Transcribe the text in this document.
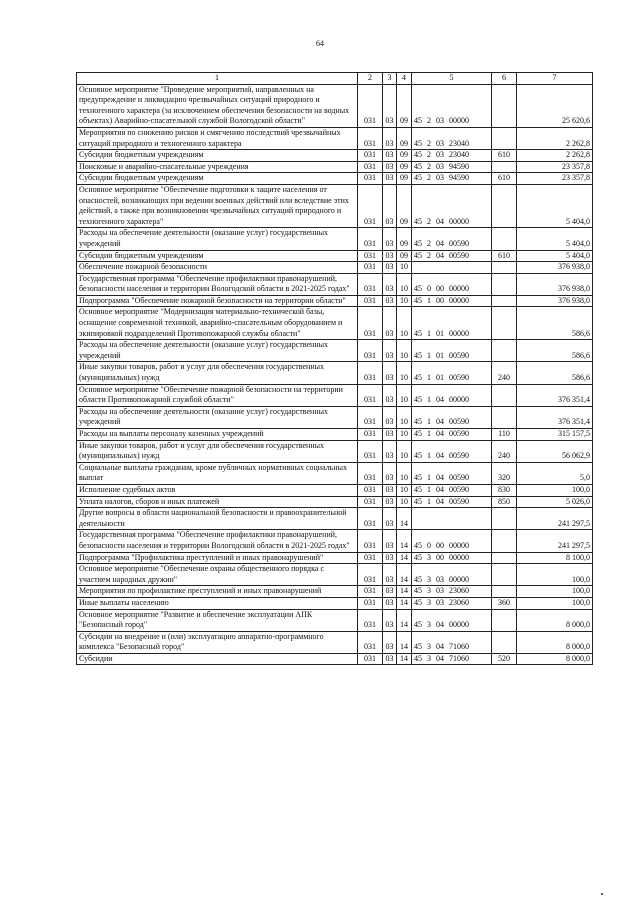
64
1	2	3	4	5	6	7
Основное мероприятие "Проведение мероприятий, направленных на предупреждение и ликвидацию чрезвычайных ситуаций природного и техногенного характера (за исключением обеспечения безопасности на водных объектах) Аварийно-спасательной службой Вологодской области"	031	03	09	45 2 03 00000		25 620,6
Мероприятия по снижению рисков и смягчению последствий чрезвычайных ситуаций природного и техногенного характера	031	03	09	45 2 03 23040		2 262,8
Субсидии бюджетным учреждениям	031	03	09	45 2 03 23040	610	2 262,8
Поисковые и аварийно-спасательные учреждения	031	03	09	45 2 03 94590		23 357,8
Субсидии бюджетным учреждениям	031	03	09	45 2 03 94590	610	23 357,8
Основное мероприятие "Обеспечение подготовки к защите населения от опасностей, возникающих при ведении военных действий или вследствие этих действий, а также при возникновении чрезвычайных ситуаций природного и техногенного характера"	031	03	09	45 2 04 00000		5 404,0
Расходы на обеспечение деятельности (оказание услуг) государственных учреждений	031	03	09	45 2 04 00590		5 404,0
Субсидии бюджетным учреждениям	031	03	09	45 2 04 00590	610	5 404,0
Обеспечение пожарной безопасности	031	03	10			376 938,0
Государственная программа "Обеспечение профилактики правонарушений, безопасности населения и территории Вологодской области в 2021-2025 годах"	031	03	10	45 0 00 00000		376 938,0
Подпрограмма "Обеспечение пожарной безопасности на территории области"	031	03	10	45 1 00 00000		376 938,0
Основное мероприятие "Модернизация материально-технической базы, оснащение современной техникой, аварийно-спасательным оборудованием и экипировкой подразделений Противопожарной службы области"	031	03	10	45 1 01 00000		586,6
Расходы на обеспечение деятельности (оказание услуг) государственных учреждений	031	03	10	45 1 01 00590		586,6
Иные закупки товаров, работ и услуг для обеспечения государственных (муниципальных) нужд	031	03	10	45 1 01 00590	240	586,6
Основное мероприятие "Обеспечение пожарной безопасности на территории области Противопожарной службой области"	031	03	10	45 1 04 00000		376 351,4
Расходы на обеспечение деятельности (оказание услуг) государственных учреждений	031	03	10	45 1 04 00590		376 351,4
Расходы на выплаты персоналу казенных учреждений	031	03	10	45 1 04 00590	110	315 157,5
Иные закупки товаров, работ и услуг для обеспечения государственных (муниципальных) нужд	031	03	10	45 1 04 00590	240	56 062,9
Социальные выплаты гражданам, кроме публичных нормативных социальных выплат	031	03	10	45 1 04 00590	320	5,0
Исполнение судебных актов	031	03	10	45 1 04 00590	830	100,0
Уплата налогов, сборов и иных платежей	031	03	10	45 1 04 00590	850	5 026,0
Другие вопросы в области национальной безопасности и правоохранительной деятельности	031	03	14			241 297,5
Государственная программа "Обеспечение профилактики правонарушений, безопасности населения и территории Вологодской области в 2021-2025 годах"	031	03	14	45 0 00 00000		241 297,5
Подпрограмма "Профилактика преступлений и иных правонарушений"	031	03	14	45 3 00 00000		8 100,0
Основное мероприятие "Обеспечение охраны общественного порядка с участием народных дружин"	031	03	14	45 3 03 00000		100,0
Мероприятия по профилактике преступлений и иных правонарушений	031	03	14	45 3 03 23060		100,0
Иные выплаты населению	031	03	14	45 3 03 23060	360	100,0
Основное мероприятие "Развитие и обеспечение эксплуатации АПК "Безопасный город"	031	03	14	45 3 04 00000		8 000,0
Субсидии на внедрение и (или) эксплуатацию аппаратно-программного комплекса "Безопасный город"	031	03	14	45 3 04 71060		8 000,0
Субсидии	031	03	14	45 3 04 71060	520	8 000,0
